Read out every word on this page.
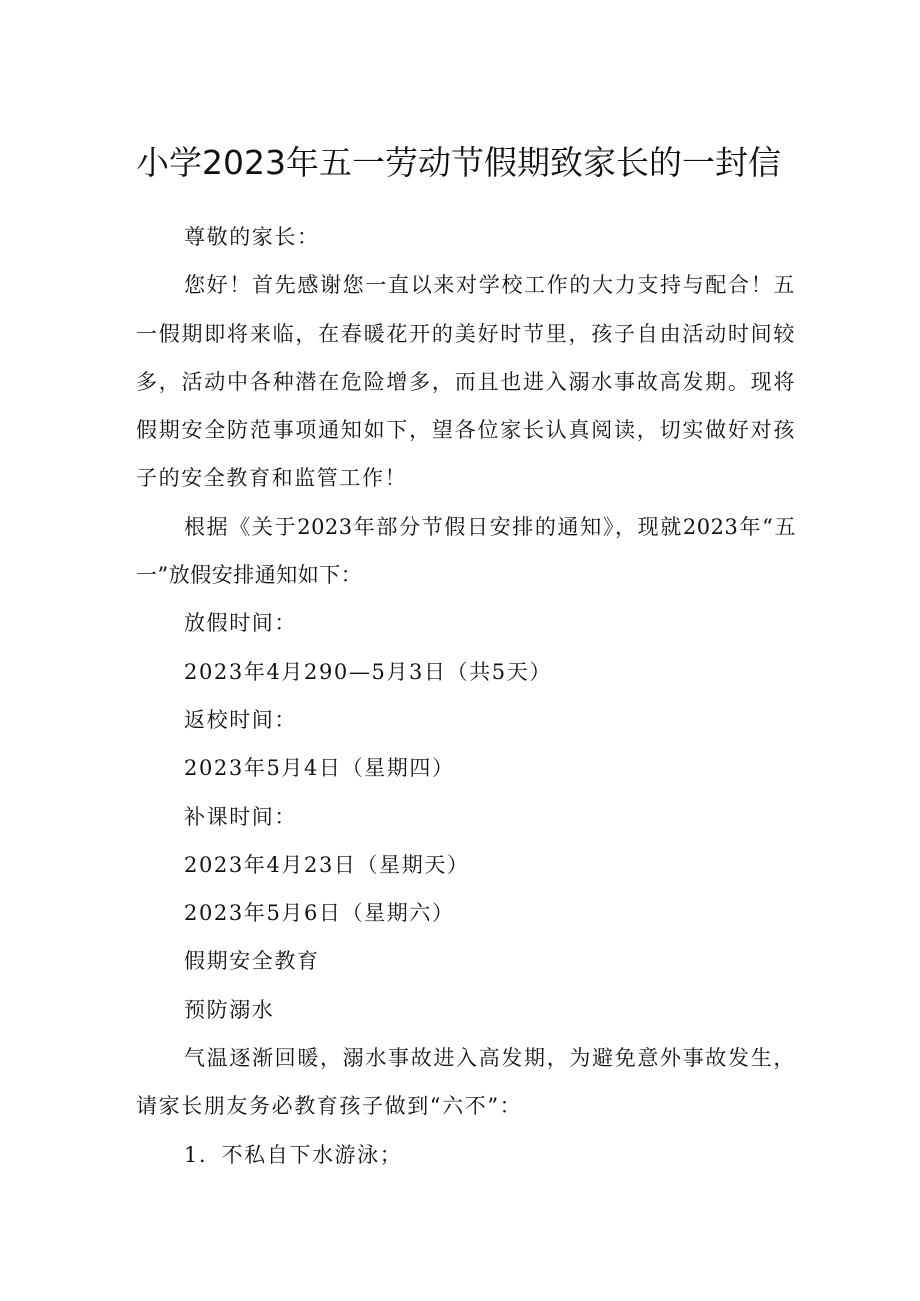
小学2023年五一劳动节假期致家长的一封信

尊敬的家长：

您好！首先感谢您一直以来对学校工作的大力支持与配合！五一假期即将来临，在春暖花开的美好时节里，孩子自由活动时间较多，活动中各种潜在危险增多，而且也进入溺水事故高发期。现将假期安全防范事项通知如下，望各位家长认真阅读，切实做好对孩子的安全教育和监管工作！

根据《关于2023年部分节假日安排的通知》，现就2023年“五一”放假安排通知如下：

放假时间：

2023年4月290—5月3日（共5天）

返校时间：

2023年5月4日（星期四）

补课时间：

2023年4月23日（星期天）

2023年5月6日（星期六）

假期安全教育

预防溺水

气温逐渐回暖，溺水事故进入高发期，为避免意外事故发生，请家长朋友务必教育孩子做到“六不”：

1．不私自下水游泳；
